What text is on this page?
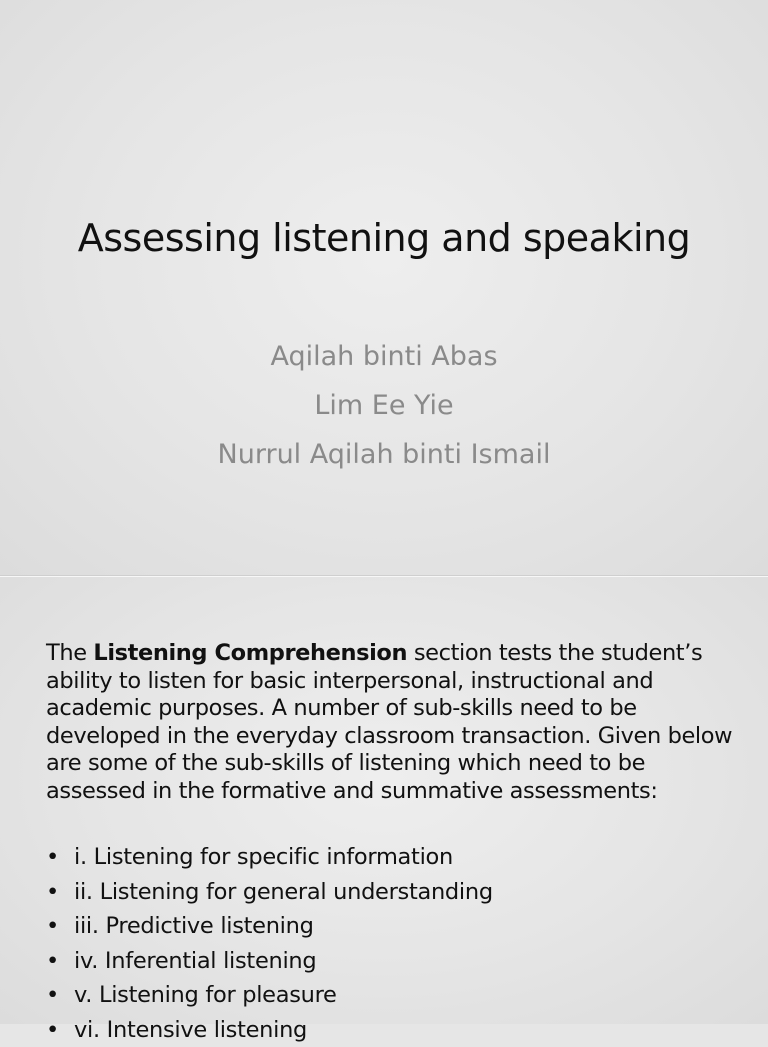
Assessing listening and speaking
Aqilah binti Abas
Lim Ee Yie
Nurrul Aqilah binti Ismail
The Listening Comprehension section tests the student’s ability to listen for basic interpersonal, instructional and academic purposes. A number of sub-skills need to be developed in the everyday classroom transaction. Given below are some of the sub-skills of listening which need to be assessed in the formative and summative assessments:
• i. Listening for specific information
• ii. Listening for general understanding
• iii. Predictive listening
• iv. Inferential listening
• v. Listening for pleasure
• vi. Intensive listening
